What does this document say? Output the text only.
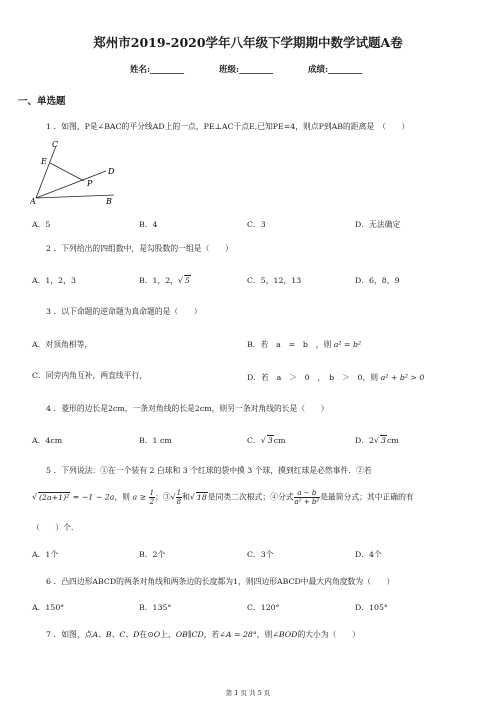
郑州市2019-2020学年八年级下学期期中数学试题A卷
姓名:________	班级:________	成绩:________
一、单选题
1 ．如图，P是∠BAC的平分线AD上的一点，PE⊥AC于点E,已知PE=4，则点P到AB的距离是　（　　）
C
E
D
P
A	B
A．5	B．4	C．3	D．无法确定
2 ．下列给出的四组数中，是勾股数的一组是（　　）
A．1，2，3	B．1，2，√ 5	C．5，12，13	D．6，8，9
3 ．以下命题的逆命题为真命题的是（　　）
A．对顶角相等，	B．若　a　=　b　，则 a² = b²
C．同旁内角互补，两直线平行，	D．若　a　＞　0　，　b　＞　0，则 a² + b² > 0
4 ．菱形的边长是2cm，一条对角线的长是2cm，则另一条对角线的长是（　　）
A．4cm	B．1 cm	C．√ 3cm	D．2√ 3cm
5 ．下列说法：①在一个装有 2 白球和 3 个红球的袋中摸 3 个球，摸到红球是必然事件．②若
√ (2a+1)² = −1 − 2a，则 $a \ge \frac{1}{2}$ ；③√ $\frac{1}{8}$ 和√ 18是同类二次根式；④分式 $\frac{a - b}{\text{a² + b²}}$ 是最简分式；其中正确的有
（　　）个．
A．1个	B．2个	C．3个	D．4个
6 ．凸四边形ABCD的两条对角线和两条边的长度都为1，则四边形ABCD中最大内角度数为（　　）
A．150°	B．135°	C．120°	D．105°
7 ．如图，点A、B、C、D在⊙O上，OB∥CD，若∠A = 28°，则∠BOD的大小为（　　）
第 1 页 共 5 页
